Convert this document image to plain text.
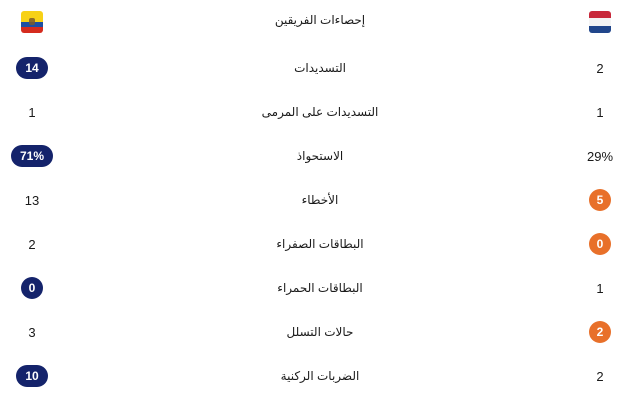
إحصاءات الفريقين
14	التسديدات	2
1	التسديدات على المرمى	1
71%	الاستحواذ	29%
13	الأخطاء	5
2	البطاقات الصفراء	0
0	البطاقات الحمراء	1
3	حالات التسلل	2
10	الضربات الركنية	2
